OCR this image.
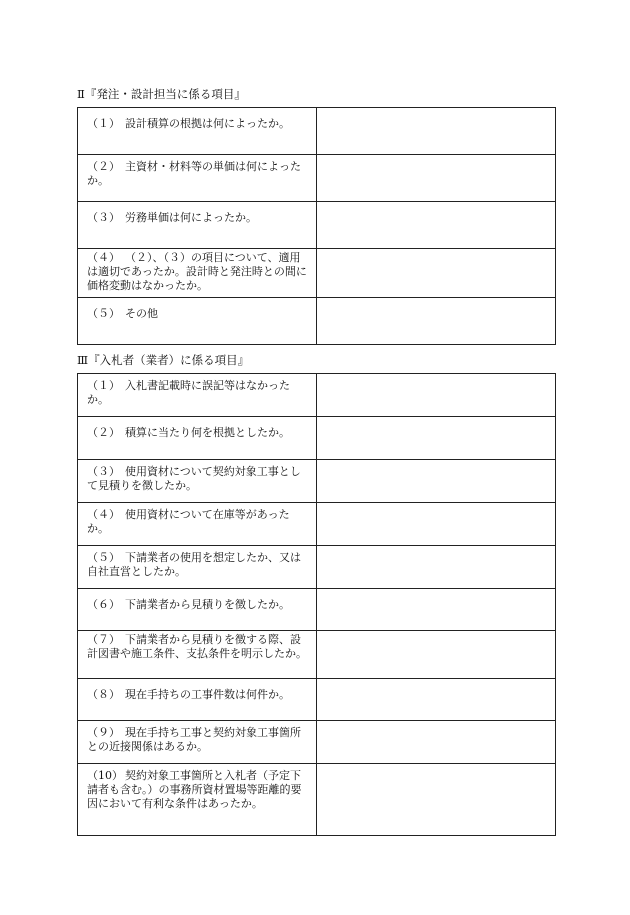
Ⅱ『発注・設計担当に係る項目』
（１） 設計積算の根拠は何によったか。	

（２） 主資材・材料等の単価は何によったか。	

（３） 労務単価は何によったか。	

（４） （２）、（３）の項目について、適用は適切であったか。設計時と発注時との間に価格変動はなかったか。	

（５） その他	

Ⅲ『入札者（業者）に係る項目』
（１） 入札書記載時に誤記等はなかったか。	

（２） 積算に当たり何を根拠としたか。	

（３） 使用資材について契約対象工事として見積りを徴したか。	

（４） 使用資材について在庫等があったか。	

（５） 下請業者の使用を想定したか、又は自社直営としたか。	

（６） 下請業者から見積りを徴したか。	

（７） 下請業者から見積りを徴する際、設計図書や施工条件、支払条件を明示したか。	

（８） 現在手持ちの工事件数は何件か。	

（９） 現在手持ち工事と契約対象工事箇所との近接関係はあるか。	

（10） 契約対象工事箇所と入札者（予定下請者も含む。）の事務所資材置場等距離的要因において有利な条件はあったか。	
